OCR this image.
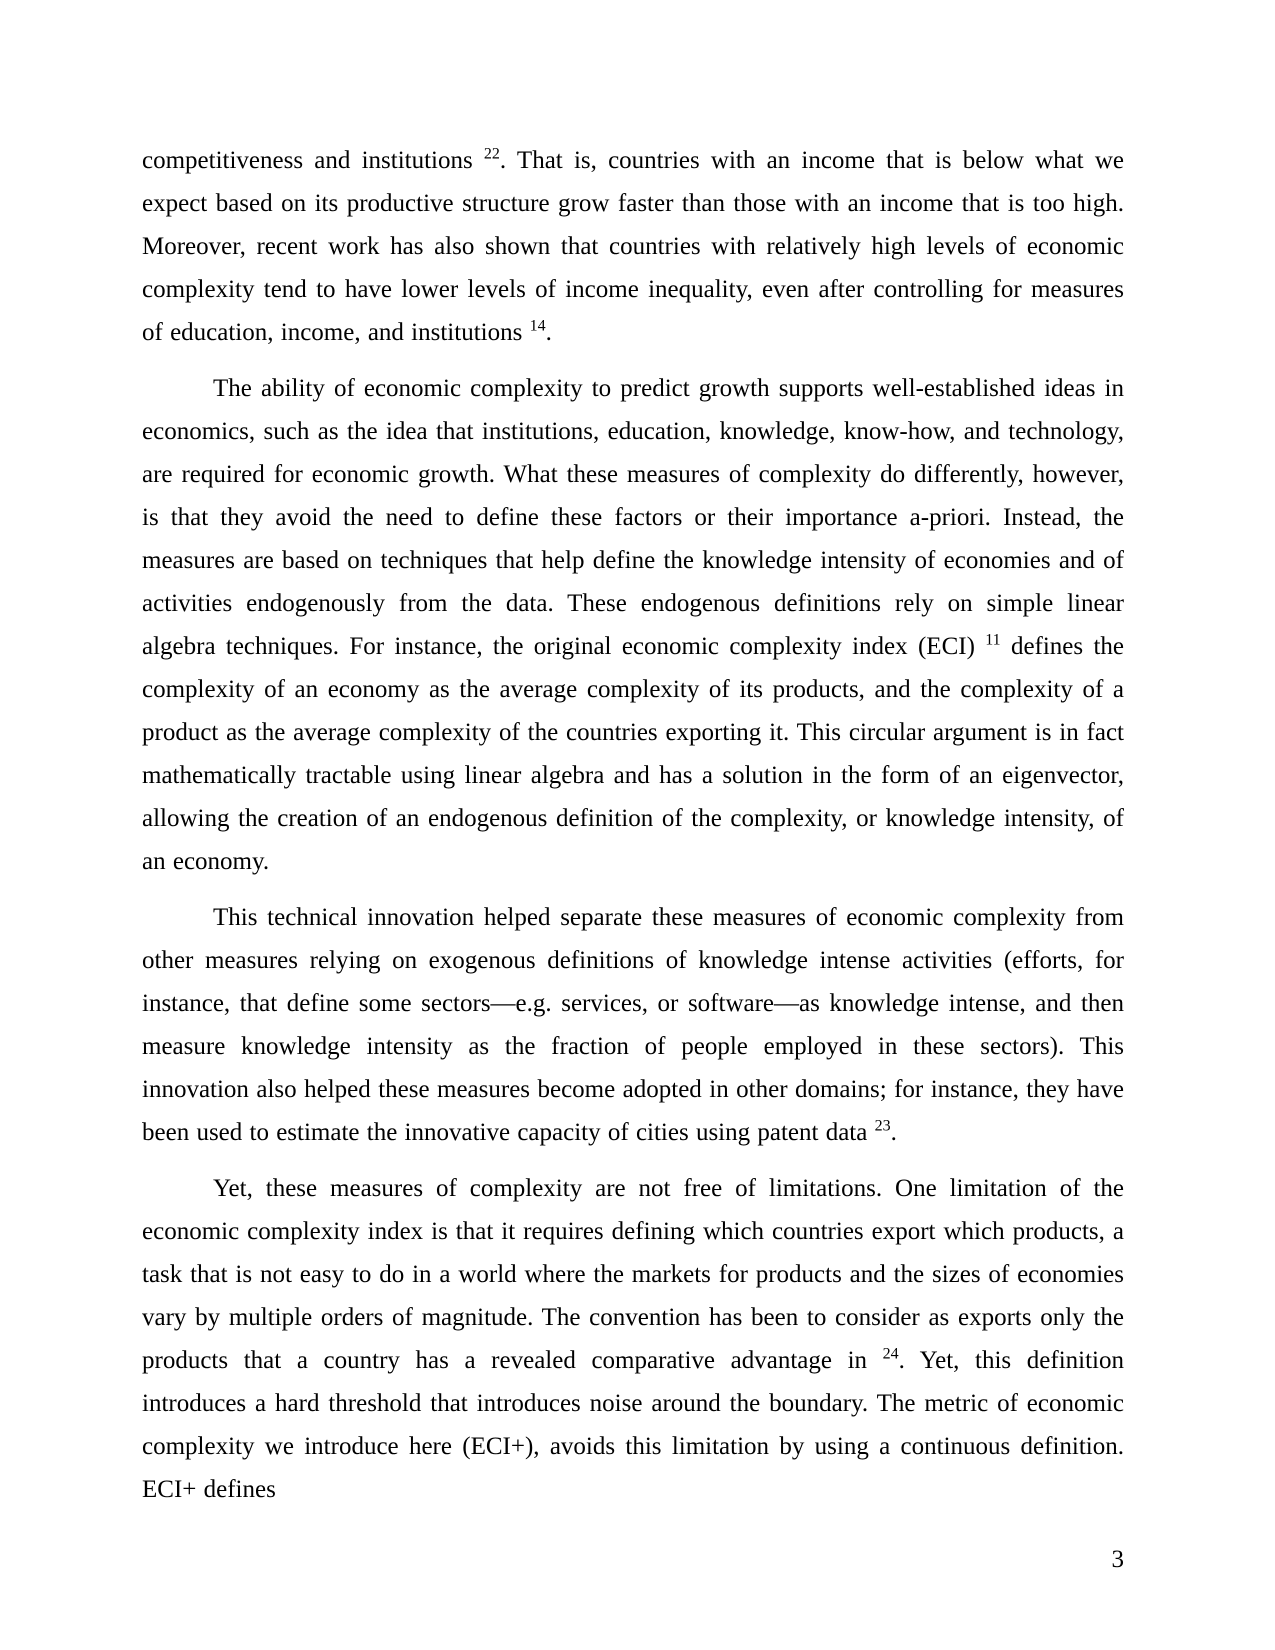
competitiveness and institutions $^{22}$. That is, countries with an income that is below what we expect based on its productive structure grow faster than those with an income that is too high. Moreover, recent work has also shown that countries with relatively high levels of economic complexity tend to have lower levels of income inequality, even after controlling for measures of education, income, and institutions $^{14}$.

The ability of economic complexity to predict growth supports well-established ideas in economics, such as the idea that institutions, education, knowledge, know-how, and technology, are required for economic growth. What these measures of complexity do differently, however, is that they avoid the need to define these factors or their importance a-priori. Instead, the measures are based on techniques that help define the knowledge intensity of economies and of activities endogenously from the data. These endogenous definitions rely on simple linear algebra techniques. For instance, the original economic complexity index (ECI) $^{11}$ defines the complexity of an economy as the average complexity of its products, and the complexity of a product as the average complexity of the countries exporting it. This circular argument is in fact mathematically tractable using linear algebra and has a solution in the form of an eigenvector, allowing the creation of an endogenous definition of the complexity, or knowledge intensity, of an economy.

This technical innovation helped separate these measures of economic complexity from other measures relying on exogenous definitions of knowledge intense activities (efforts, for instance, that define some sectors—e.g. services, or software—as knowledge intense, and then measure knowledge intensity as the fraction of people employed in these sectors). This innovation also helped these measures become adopted in other domains; for instance, they have been used to estimate the innovative capacity of cities using patent data $^{23}$.

Yet, these measures of complexity are not free of limitations. One limitation of the economic complexity index is that it requires defining which countries export which products, a task that is not easy to do in a world where the markets for products and the sizes of economies vary by multiple orders of magnitude. The convention has been to consider as exports only the products that a country has a revealed comparative advantage in $^{24}$. Yet, this definition introduces a hard threshold that introduces noise around the boundary. The metric of economic complexity we introduce here (ECI+), avoids this limitation by using a continuous definition. ECI+ defines

3
